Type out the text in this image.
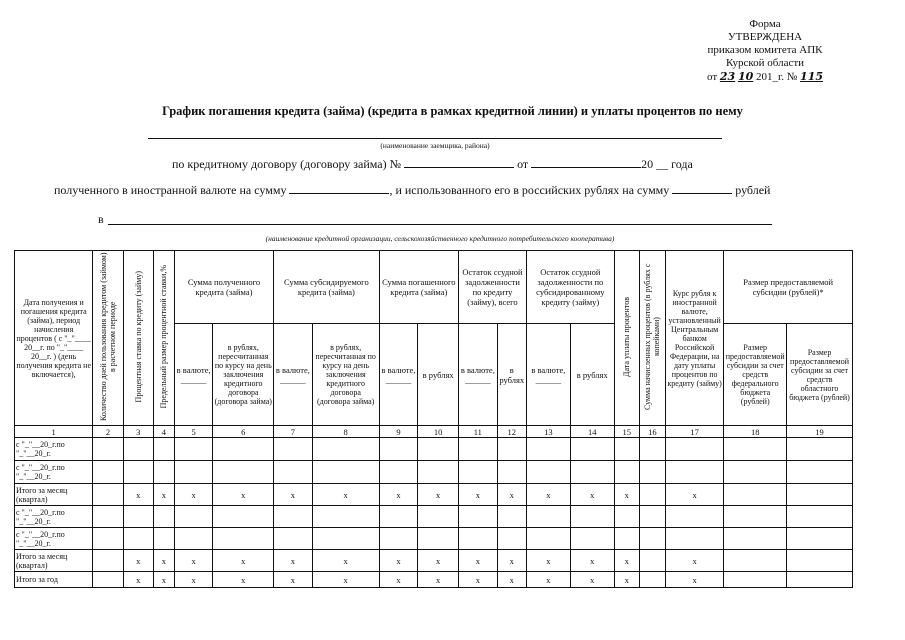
Форма
УТВЕРЖДЕНА
приказом комитета АПК
Курской области
от 23 10 201_г. № 115
График погашения кредита (займа) (кредита в рамках кредитной линии) и уплаты процентов по нему
(наименование заемщика, района)
по кредитному договору (договору займа) №	от	20 __ года
полученного в иностранной валюте на сумму	, и использованного его в российских рублях на сумму	рублей
в
(наименование кредитной организации, сельскохозяйственного кредитного потребительского кооператива)
Дата получения и погашения кредита (займа), период начисления процентов ( с "_"____ 20__г. по "_"____ 20__г. ) (день получения кредита не включается),	Количество дней пользования кредитом (займом) в расчетном периоде	Процентная ставка по кредиту (займу)	Предельный размер процентной ставки,%	Сумма полученного кредита (займа)		Сумма субсидируемого кредита (займа)		Сумма погашенного кредита (займа)		Остаток ссудной задолженности по кредиту (займу), всего		Остаток ссудной задолженности по субсидированному кредиту (займу)		Дата уплаты процентов	Сумма начисленных процентов (в рублях с копейками)	Курс рубля к иностранной валюте, установленный Центральным банком Российской Федерации, на дату уплаты процентов по кредиту (займу)	Размер предоставляемой субсидии (рублей)*	
				в валюте, ______	в рублях, пересчитанная по курсу на день заключения кредитного договора (договора займа)	в валюте, ______	в рублях, пересчитанная по курсу на день заключения кредитного договора (договора займа)	в валюте, ______	в рублях	в валюте, ______	в рублях	в валюте, ______	в рублях				Размер предоставляемой субсидии за счет средств федерального бюджета (рублей)	Размер предоставляемой субсидии за счет средств областного бюджета (рублей)
1	2	3	4	5	6	7	8	9	10	11	12	13	14	15	16	17	18	19
с "_"__20_г.по "_"__20_г.																		
с "_"__20_г.по "_"__20_г.																		
Итого за месяц (квартал)		x	x	x	x	x	x	x	x	x	x	x	x	x		x		
с "_"__20_г.по "_"__20_г.																		
с "_"__20_г.по "_"__20_г.																		
Итого за месяц (квартал)		x	x	x	x	x	x	x	x	x	x	x	x	x		x		
Итого за год		x	x	x	x	x	x	x	x	x	x	x	x	x		x		
